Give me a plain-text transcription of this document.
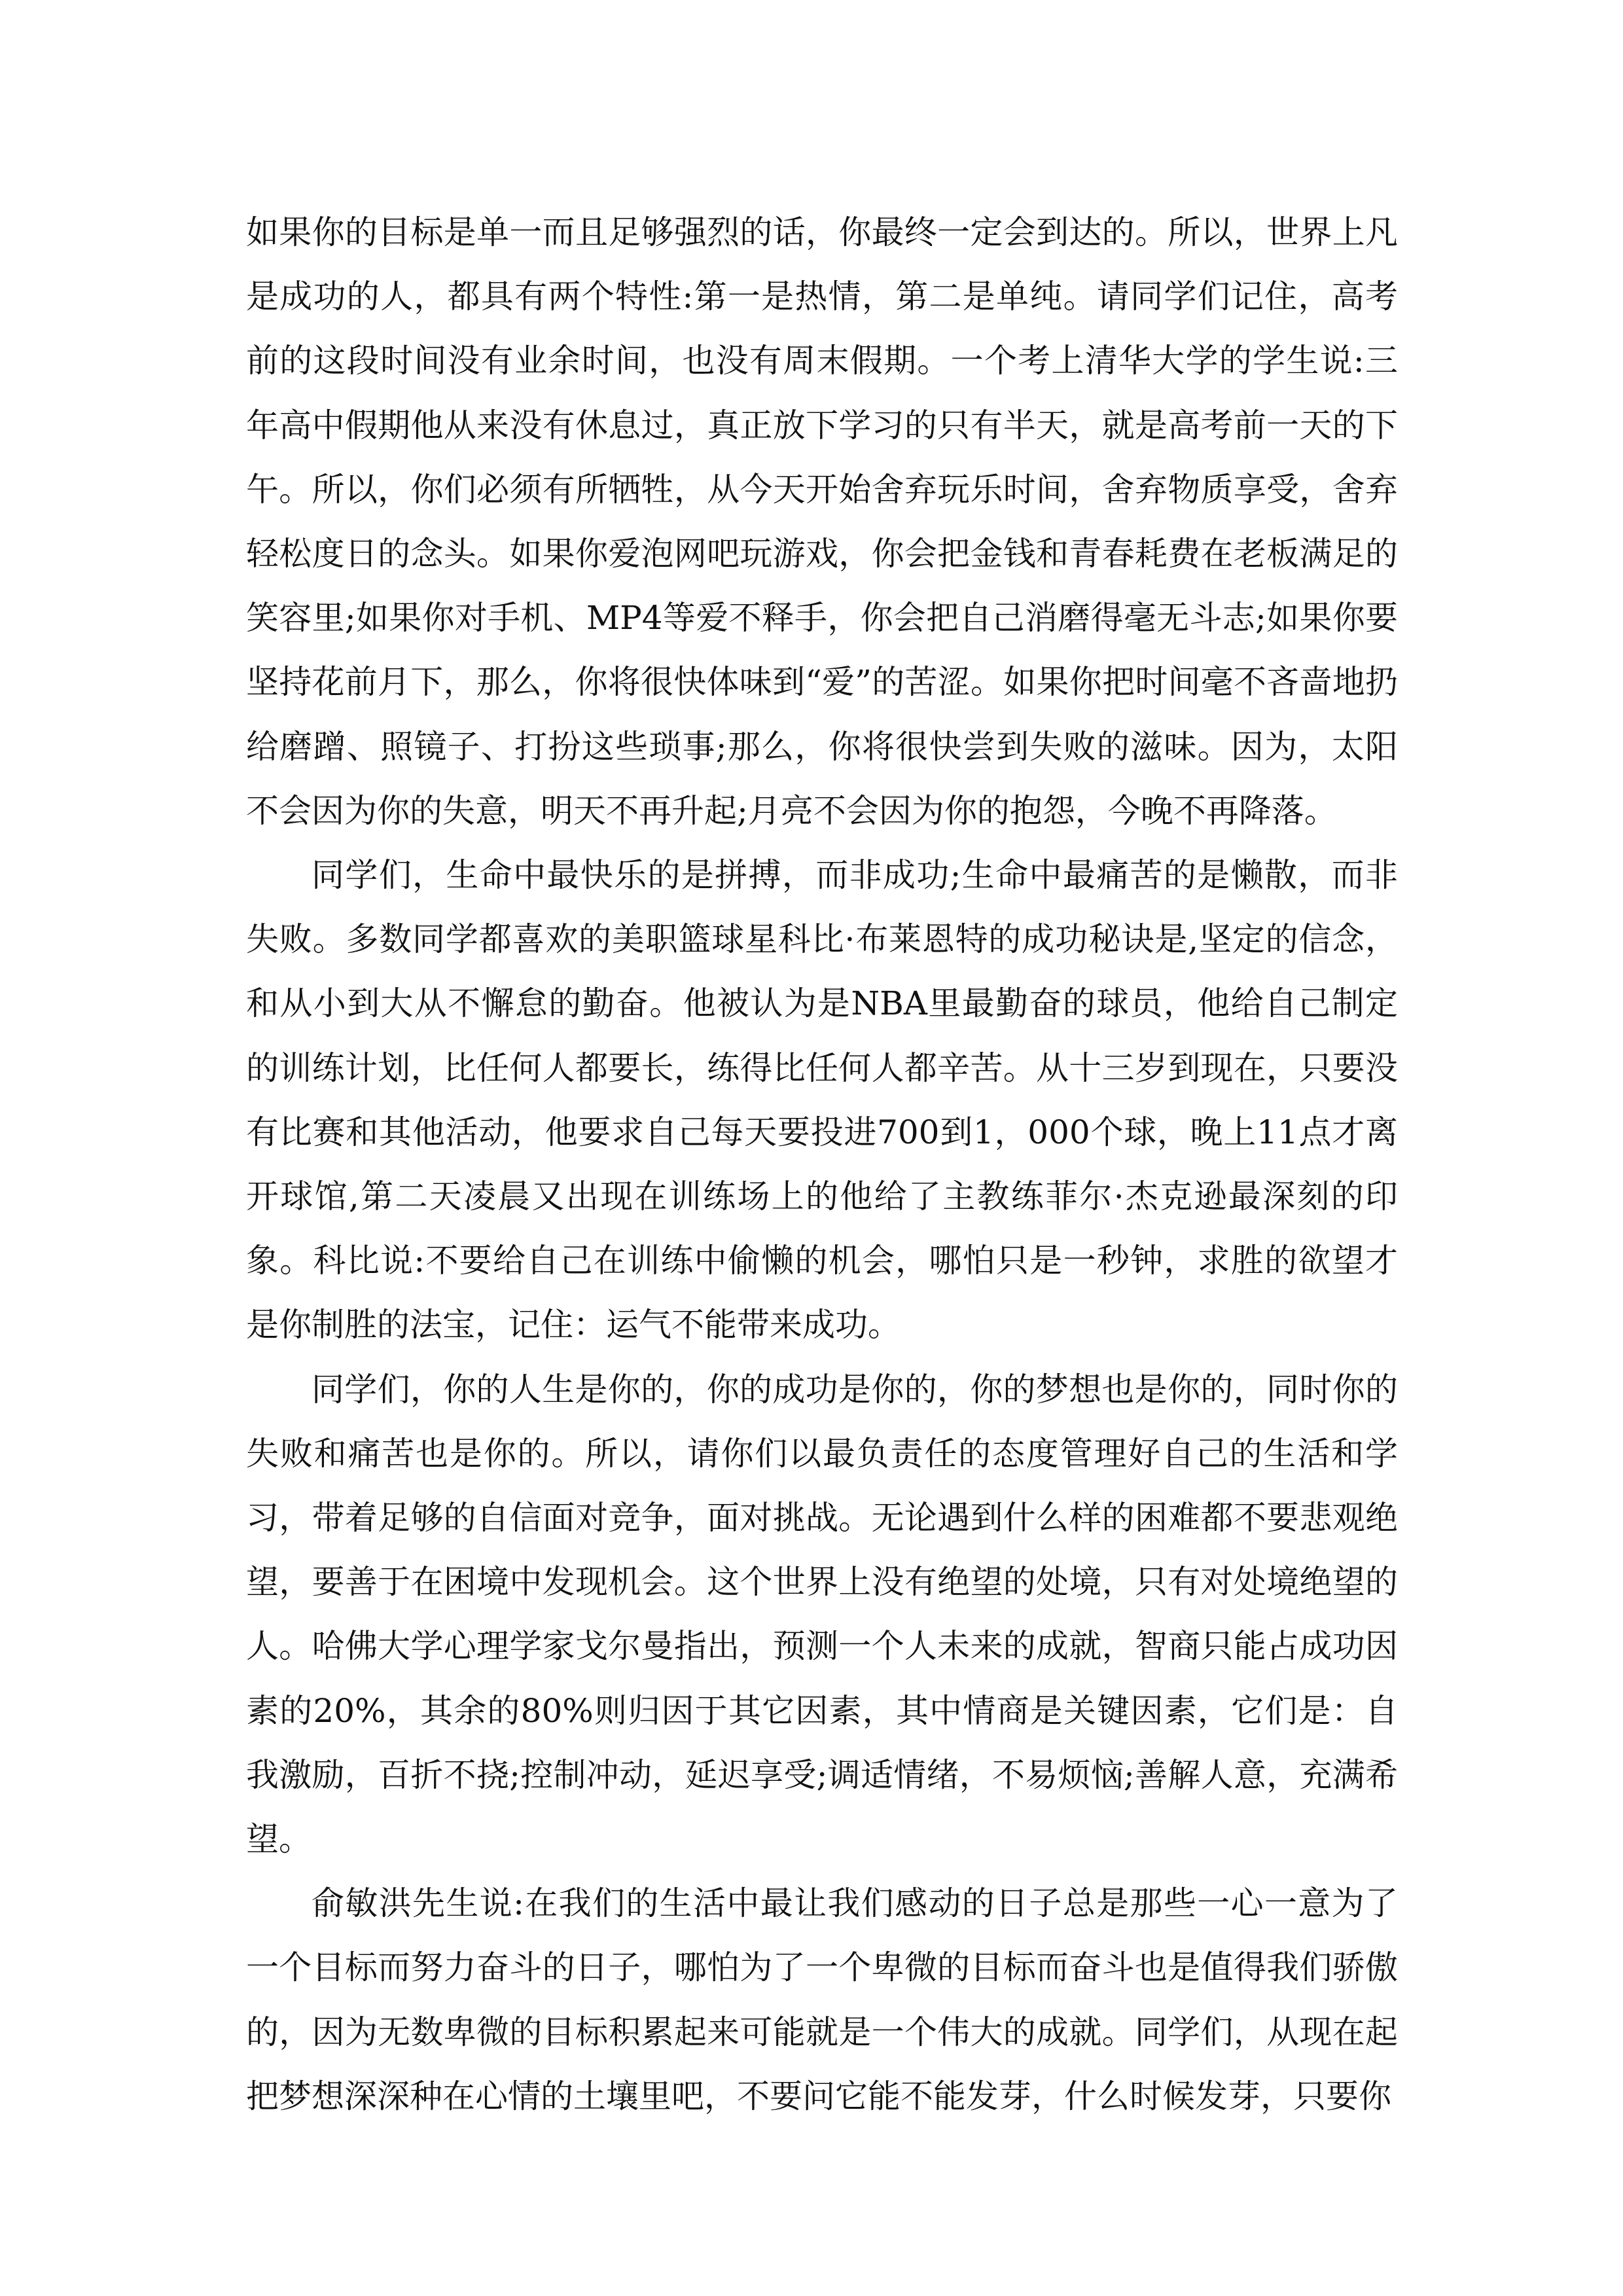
如果你的目标是单一而且足够强烈的话，你最终一定会到达的。所以，世界上凡是成功的人，都具有两个特性:第一是热情，第二是单纯。请同学们记住，高考前的这段时间没有业余时间，也没有周末假期。一个考上清华大学的学生说:三年高中假期他从来没有休息过，真正放下学习的只有半天，就是高考前一天的下午。所以，你们必须有所牺牲，从今天开始舍弃玩乐时间，舍弃物质享受，舍弃轻松度日的念头。如果你爱泡网吧玩游戏，你会把金钱和青春耗费在老板满足的笑容里;如果你对手机、MP4等爱不释手，你会把自己消磨得毫无斗志;如果你要坚持花前月下，那么，你将很快体味到“爱”的苦涩。如果你把时间毫不吝啬地扔给磨蹭、照镜子、打扮这些琐事;那么，你将很快尝到失败的滋味。因为，太阳不会因为你的失意，明天不再升起;月亮不会因为你的抱怨，今晚不再降落。

同学们，生命中最快乐的是拼搏，而非成功;生命中最痛苦的是懒散，而非失败。多数同学都喜欢的美职篮球星科比·布莱恩特的成功秘诀是,坚定的信念，和从小到大从不懈怠的勤奋。他被认为是NBA里最勤奋的球员，他给自己制定的训练计划，比任何人都要长，练得比任何人都辛苦。从十三岁到现在，只要没有比赛和其他活动，他要求自己每天要投进700到1，000个球，晚上11点才离开球馆,第二天凌晨又出现在训练场上的他给了主教练菲尔·杰克逊最深刻的印象。科比说:不要给自己在训练中偷懒的机会，哪怕只是一秒钟，求胜的欲望才是你制胜的法宝，记住：运气不能带来成功。

同学们，你的人生是你的，你的成功是你的，你的梦想也是你的，同时你的失败和痛苦也是你的。所以，请你们以最负责任的态度管理好自己的生活和学习，带着足够的自信面对竞争，面对挑战。无论遇到什么样的困难都不要悲观绝望，要善于在困境中发现机会。这个世界上没有绝望的处境，只有对处境绝望的人。哈佛大学心理学家戈尔曼指出，预测一个人未来的成就，智商只能占成功因素的20%，其余的80%则归因于其它因素，其中情商是关键因素，它们是：自我激励，百折不挠;控制冲动，延迟享受;调适情绪，不易烦恼;善解人意，充满希望。

俞敏洪先生说:在我们的生活中最让我们感动的日子总是那些一心一意为了一个目标而努力奋斗的日子，哪怕为了一个卑微的目标而奋斗也是值得我们骄傲的，因为无数卑微的目标积累起来可能就是一个伟大的成就。同学们，从现在起把梦想深深种在心情的土壤里吧，不要问它能不能发芽，什么时候发芽，只要你
